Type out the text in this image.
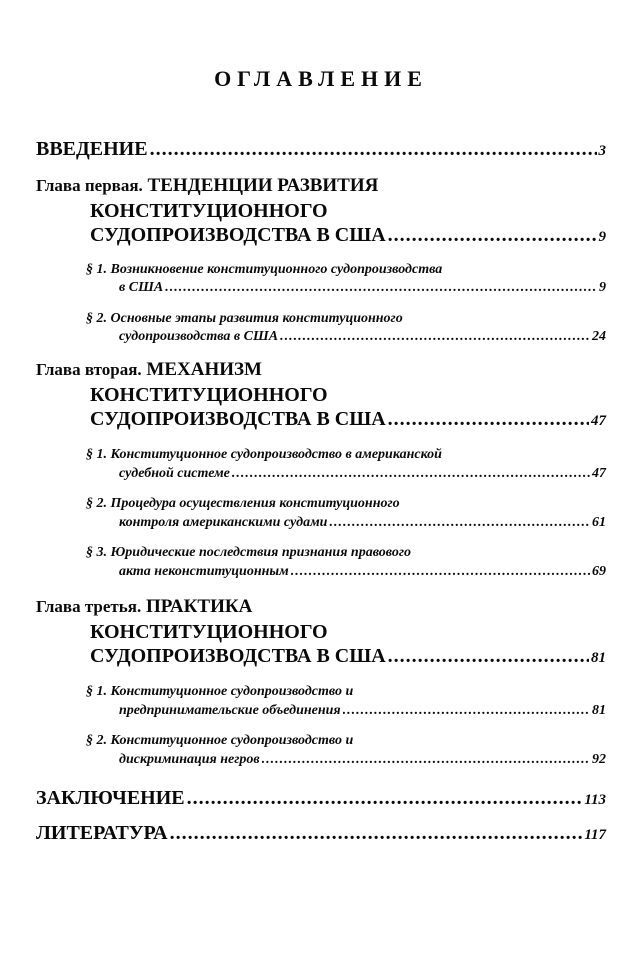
ОГЛАВЛЕНИЕ
ВВЕДЕНИЕ .....	3
Глава первая. ТЕНДЕНЦИИ РАЗВИТИЯ
КОНСТИТУЦИОННОГО
СУДОПРОИЗВОДСТВА В США .....	9
§ 1. Возникновение конституционного судопроизводства
в США .....	9
§ 2. Основные этапы развития конституционного
судопроизводства в США .....	24
Глава вторая. МЕХАНИЗМ
КОНСТИТУЦИОННОГО
СУДОПРОИЗВОДСТВА В США .....	47
§ 1. Конституционное судопроизводство в американской
судебной системе .....	47
§ 2. Процедура осуществления конституционного
контроля американскими судами .....	61
§ 3. Юридические последствия признания правового
акта неконституционным .....	69
Глава третья. ПРАКТИКА
КОНСТИТУЦИОННОГО
СУДОПРОИЗВОДСТВА В США .....	81
§ 1. Конституционное судопроизводство и
предпринимательские объединения .....	81
§ 2. Конституционное судопроизводство и
дискриминация негров .....	92
ЗАКЛЮЧЕНИЕ .....	113
ЛИТЕРАТУРА .....	117
